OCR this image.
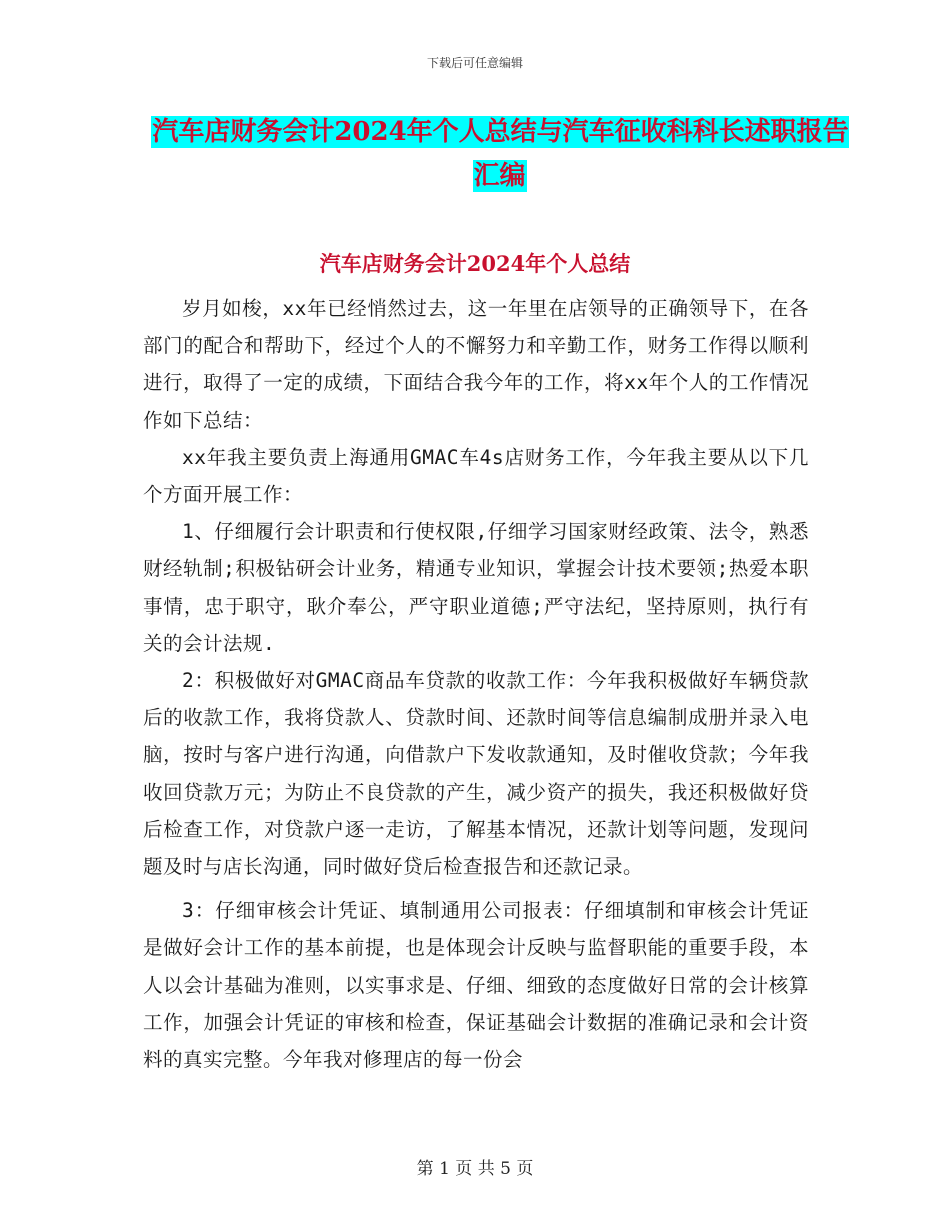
下载后可任意编辑
汽车店财务会计2024年个人总结与汽车征收科科长述职报告汇编
汽车店财务会计2024年个人总结

岁月如梭，xx年已经悄然过去，这一年里在店领导的正确领导下，在各部门的配合和帮助下，经过个人的不懈努力和辛勤工作，财务工作得以顺利进行，取得了一定的成绩，下面结合我今年的工作，将xx年个人的工作情况作如下总结：

xx年我主要负责上海通用GMAC车4s店财务工作，今年我主要从以下几个方面开展工作：

1、仔细履行会计职责和行使权限,仔细学习国家财经政策、法令，熟悉财经轨制;积极钻研会计业务，精通专业知识，掌握会计技术要领;热爱本职事情，忠于职守，耿介奉公，严守职业道德;严守法纪，坚持原则，执行有关的会计法规.

2：积极做好对GMAC商品车贷款的收款工作：今年我积极做好车辆贷款后的收款工作，我将贷款人、贷款时间、还款时间等信息编制成册并录入电脑，按时与客户进行沟通，向借款户下发收款通知，及时催收贷款；今年我收回贷款万元；为防止不良贷款的产生，减少资产的损失，我还积极做好贷后检查工作，对贷款户逐一走访，了解基本情况，还款计划等问题，发现问题及时与店长沟通，同时做好贷后检查报告和还款记录。

3：仔细审核会计凭证、填制通用公司报表：仔细填制和审核会计凭证是做好会计工作的基本前提，也是体现会计反映与监督职能的重要手段，本人以会计基础为准则，以实事求是、仔细、细致的态度做好日常的会计核算工作，加强会计凭证的审核和检查，保证基础会计数据的准确记录和会计资料的真实完整。今年我对修理店的每一份会

第 1 页 共 5 页
